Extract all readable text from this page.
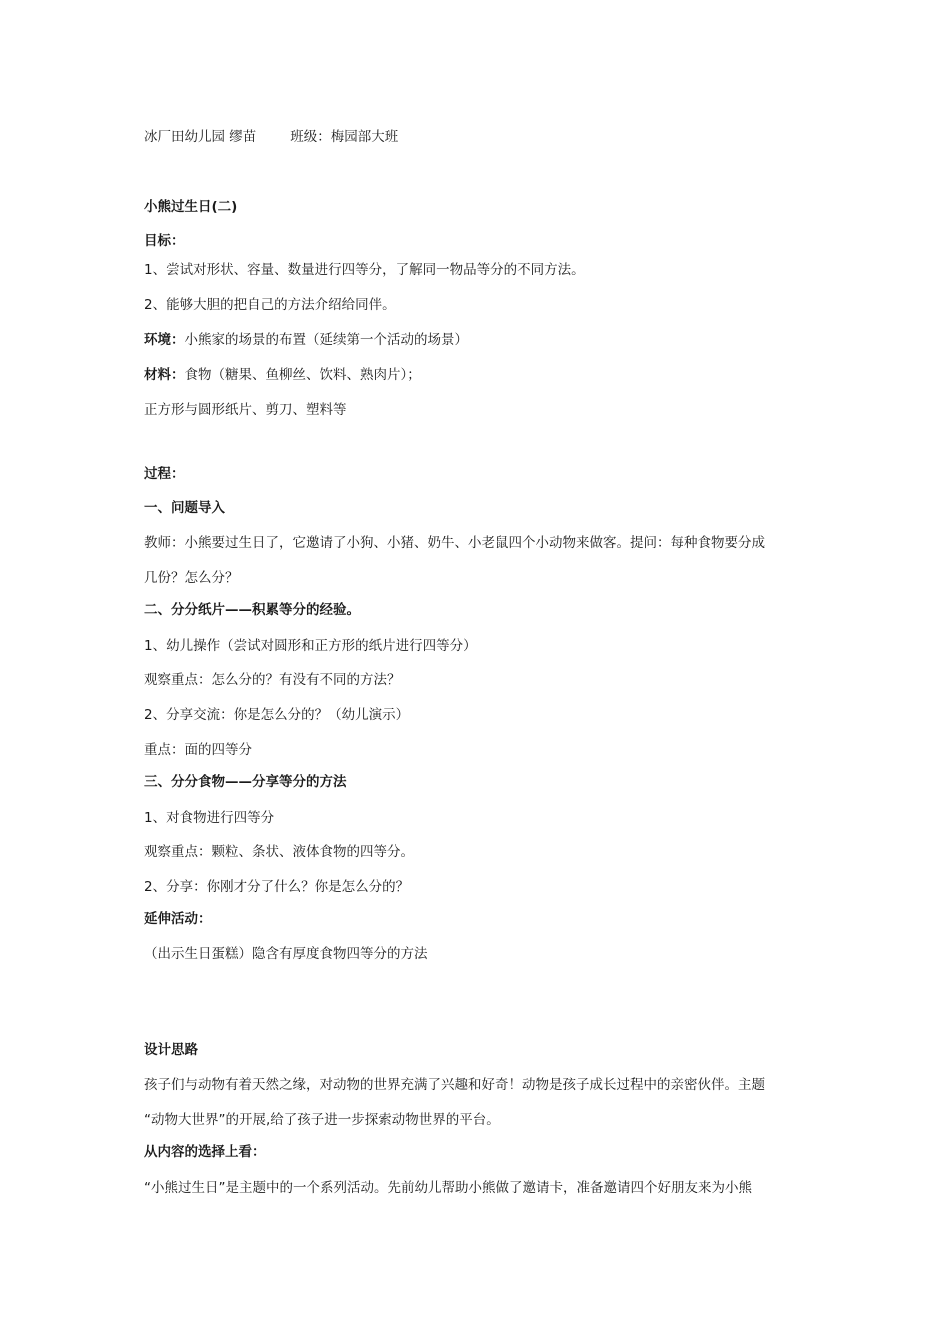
冰厂田幼儿园 缪苗	班级：梅园部大班
小熊过生日(二)
目标：
1、尝试对形状、容量、数量进行四等分，了解同一物品等分的不同方法。
2、能够大胆的把自己的方法介绍给同伴。
环境：小熊家的场景的布置（延续第一个活动的场景）
材料：食物（糖果、鱼柳丝、饮料、熟肉片）；
正方形与圆形纸片、剪刀、塑料等
过程：
一、问题导入
教师：小熊要过生日了，它邀请了小狗、小猪、奶牛、小老鼠四个小动物来做客。提问：每种食物要分成
几份？怎么分？
二、分分纸片——积累等分的经验。
1、幼儿操作（尝试对圆形和正方形的纸片进行四等分）
观察重点：怎么分的？有没有不同的方法？
2、分享交流：你是怎么分的？（幼儿演示）
重点：面的四等分
三、分分食物——分享等分的方法
1、对食物进行四等分
观察重点：颗粒、条状、液体食物的四等分。
2、分享：你刚才分了什么？你是怎么分的？
延伸活动：
（出示生日蛋糕）隐含有厚度食物四等分的方法
设计思路
孩子们与动物有着天然之缘，对动物的世界充满了兴趣和好奇！动物是孩子成长过程中的亲密伙伴。主题
“动物大世界”的开展,给了孩子进一步探索动物世界的平台。
从内容的选择上看：
“小熊过生日”是主题中的一个系列活动。先前幼儿帮助小熊做了邀请卡，准备邀请四个好朋友来为小熊
